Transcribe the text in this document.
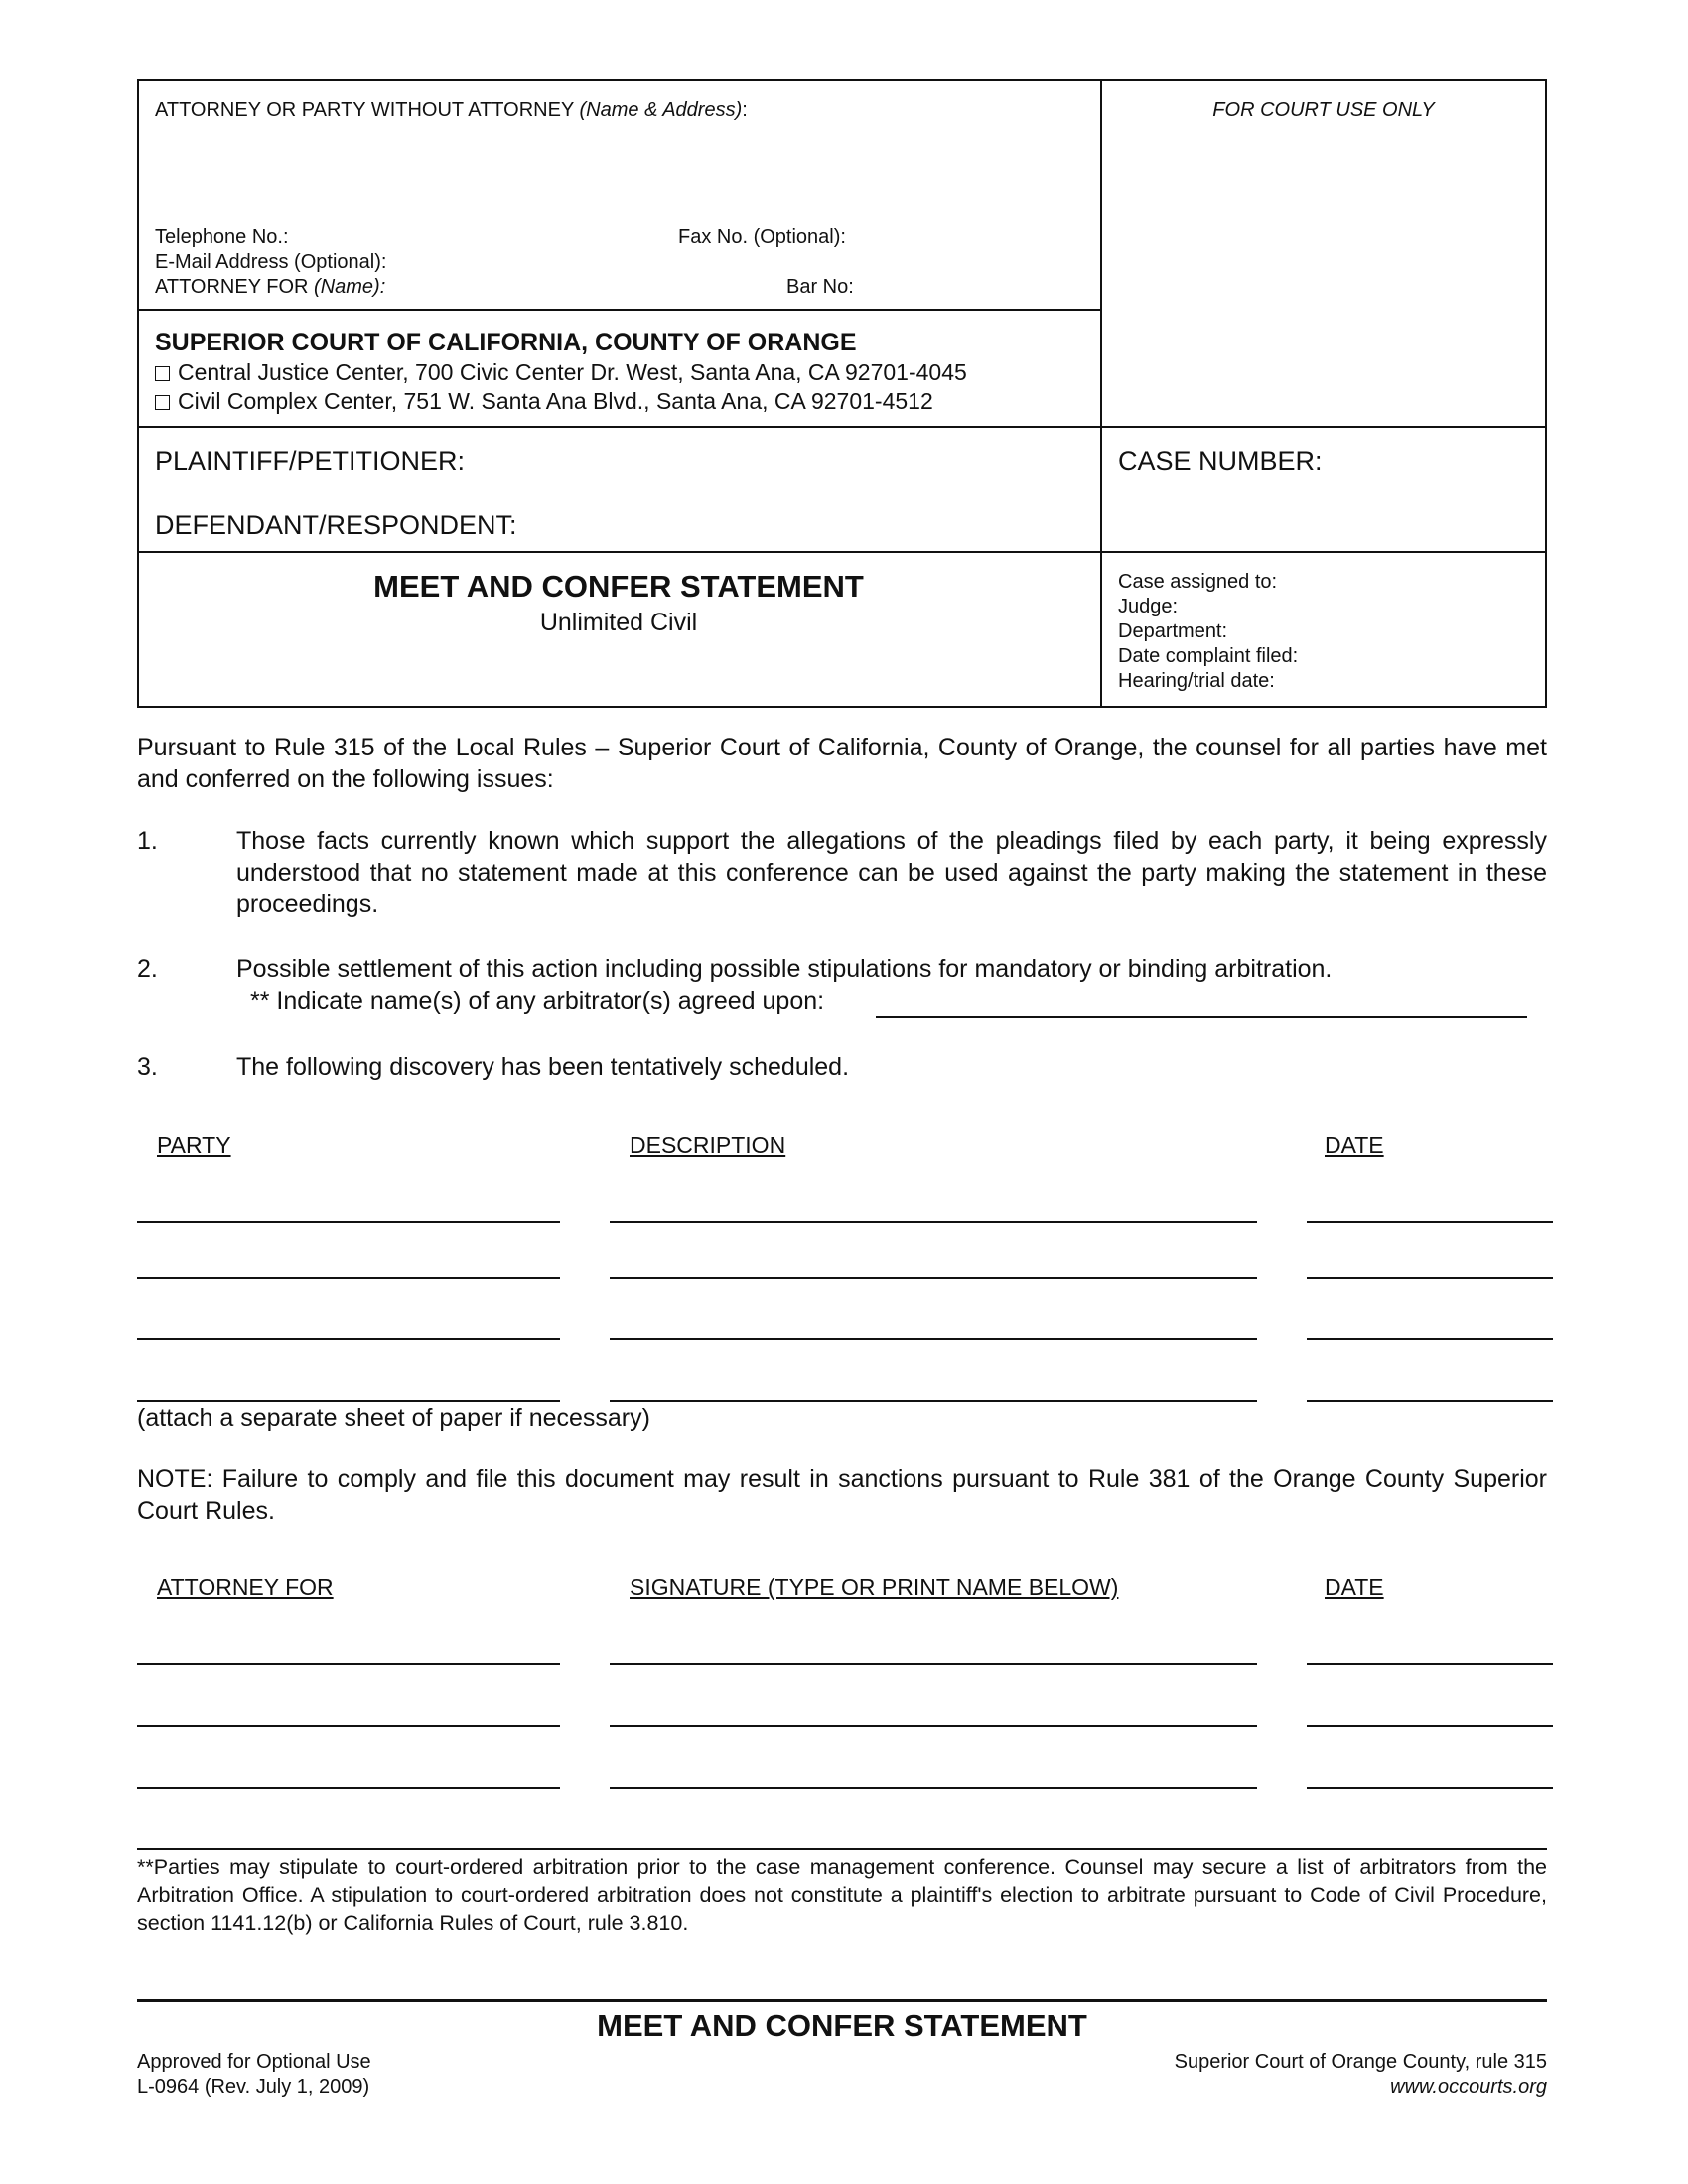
ATTORNEY OR PARTY WITHOUT ATTORNEY (Name & Address):	FOR COURT USE ONLY
Telephone No.:	Fax No. (Optional):
E-Mail Address (Optional):
ATTORNEY FOR (Name):	Bar No:
SUPERIOR COURT OF CALIFORNIA, COUNTY OF ORANGE
Central Justice Center, 700 Civic Center Dr. West, Santa Ana, CA 92701-4045
Civil Complex Center, 751 W. Santa Ana Blvd., Santa Ana, CA 92701-4512
PLAINTIFF/PETITIONER:
DEFENDANT/RESPONDENT:
CASE NUMBER:
MEET AND CONFER STATEMENT
Unlimited Civil
Case assigned to:
Judge:
Department:
Date complaint filed:
Hearing/trial date:
Pursuant to Rule 315 of the Local Rules – Superior Court of California, County of Orange, the counsel for all parties have met and conferred on the following issues:
1.	Those facts currently known which support the allegations of the pleadings filed by each party, it being expressly understood that no statement made at this conference can be used against the party making the statement in these proceedings.
2.	Possible settlement of this action including possible stipulations for mandatory or binding arbitration.
** Indicate name(s) of any arbitrator(s) agreed upon:
3.	The following discovery has been tentatively scheduled.
PARTY	DESCRIPTION	DATE
(attach a separate sheet of paper if necessary)
NOTE: Failure to comply and file this document may result in sanctions pursuant to Rule 381 of the Orange County Superior Court Rules.
ATTORNEY FOR	SIGNATURE (TYPE OR PRINT NAME BELOW)	DATE
**Parties may stipulate to court-ordered arbitration prior to the case management conference. Counsel may secure a list of arbitrators from the Arbitration Office. A stipulation to court-ordered arbitration does not constitute a plaintiff's election to arbitrate pursuant to Code of Civil Procedure, section 1141.12(b) or California Rules of Court, rule 3.810.
MEET AND CONFER STATEMENT
Approved for Optional Use
L-0964 (Rev. July 1, 2009)
Superior Court of Orange County, rule 315
www.occourts.org
